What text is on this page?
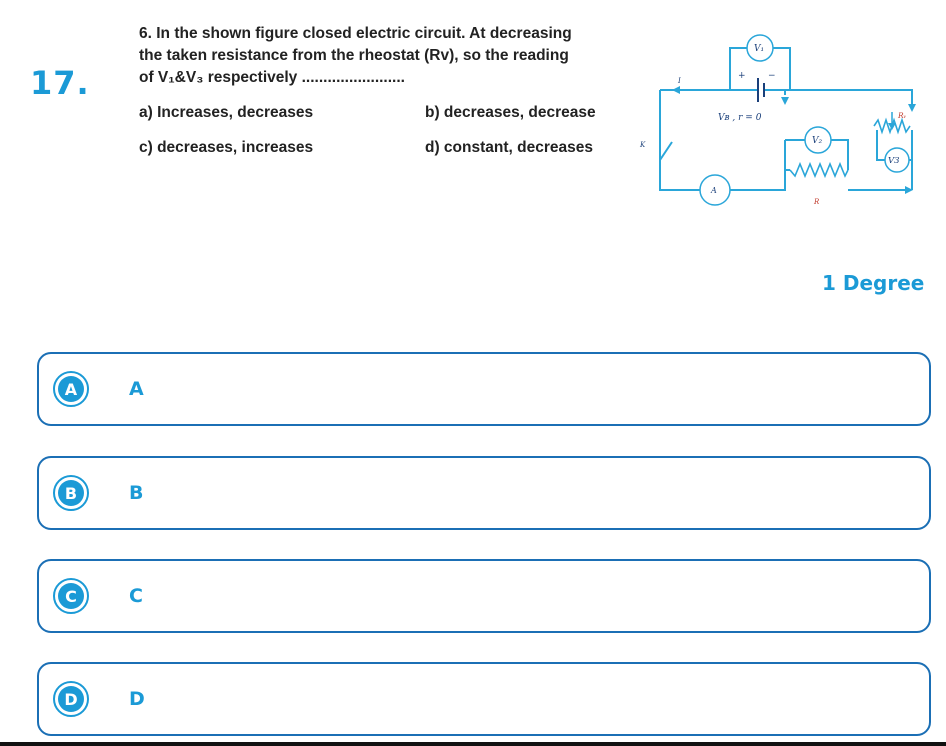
17.
6. In the shown figure closed electric circuit. At decreasing
the taken resistance from the rheostat (Rv), so the reading
of V₁&V₃ respectively ........................
a) Increases, decreases	b) decreases, decrease
c) decreases, increases	d) constant, decreases
V₁
V₂
V3
A
K
I	+ −
Vʙ , r = 0	Rᵥ
R
1 Degree
A	A
B	B
C	C
D	D
